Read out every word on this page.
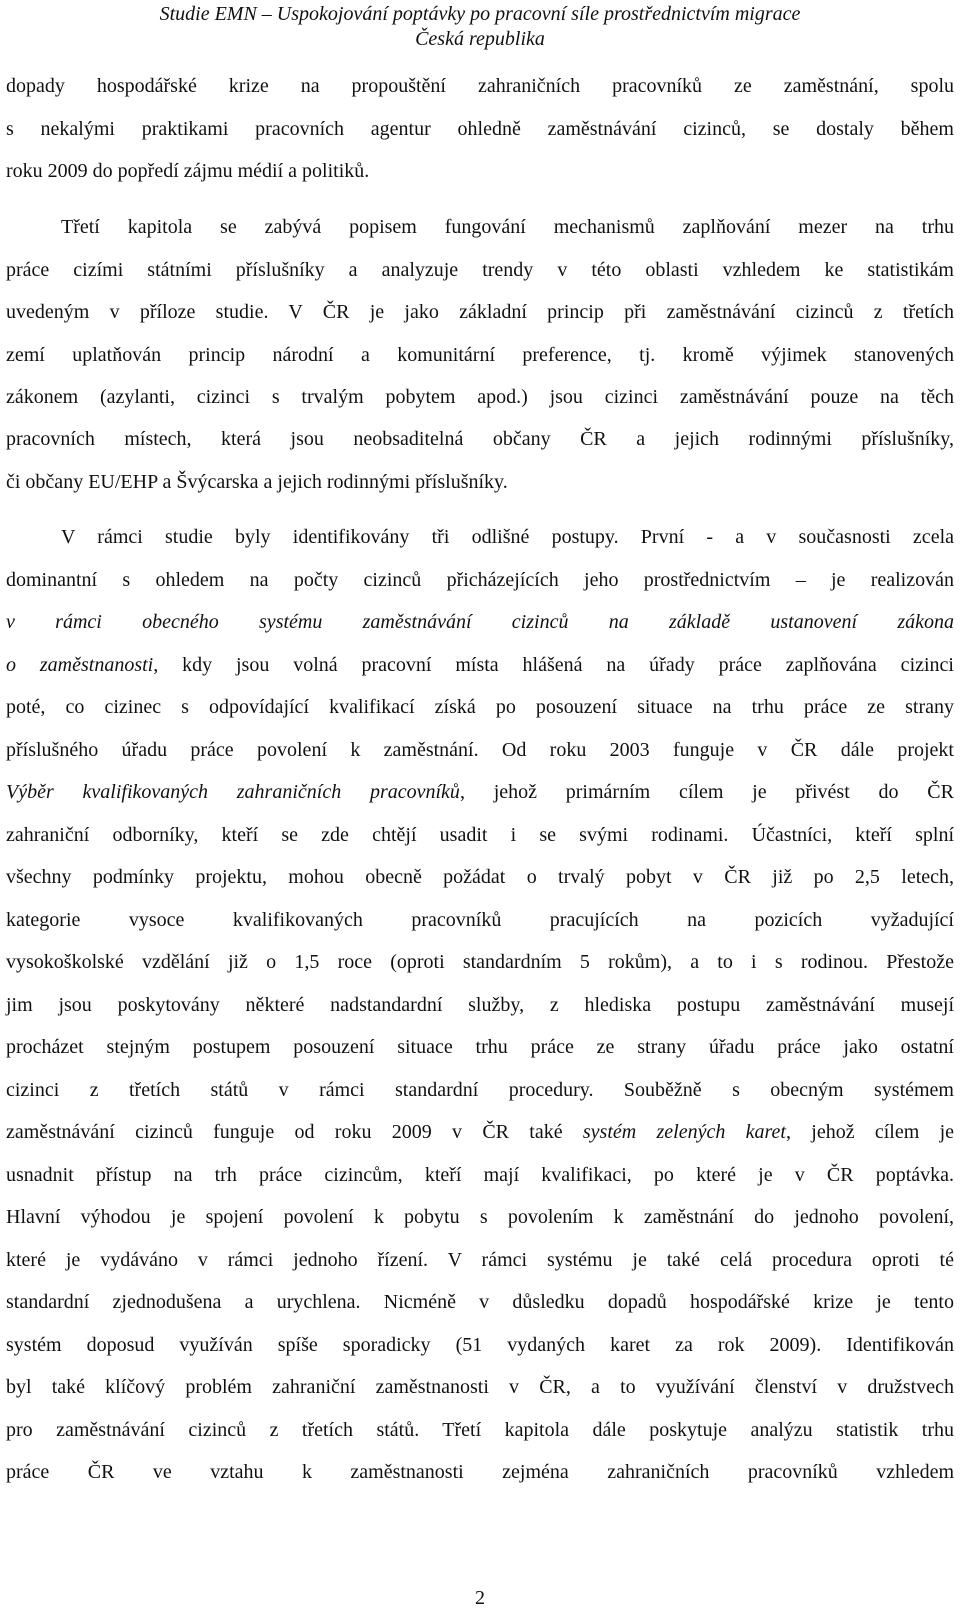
Studie EMN – Uspokojování poptávky po pracovní síle prostřednictvím migrace
Česká republika
dopady hospodářské krize na propouštění zahraničních pracovníků ze zaměstnání, spolu
s nekalými praktikami pracovních agentur ohledně zaměstnávání cizinců, se dostaly během
roku 2009 do popředí zájmu médií a politiků.
Třetí kapitola se zabývá popisem fungování mechanismů zaplňování mezer na trhu
práce cizími státními příslušníky a analyzuje trendy v této oblasti vzhledem ke statistikám
uvedeným v příloze studie. V ČR je jako základní princip při zaměstnávání cizinců z třetích
zemí uplatňován princip národní a komunitární preference, tj. kromě výjimek stanovených
zákonem (azylanti, cizinci s trvalým pobytem apod.) jsou cizinci zaměstnávání pouze na těch
pracovních místech, která jsou neobsaditelná občany ČR a jejich rodinnými příslušníky,
či občany EU/EHP a Švýcarska a jejich rodinnými příslušníky.
V rámci studie byly identifikovány tři odlišné postupy. První - a v současnosti zcela
dominantní s ohledem na počty cizinců přicházejících jeho prostřednictvím – je realizován
v rámci obecného systému zaměstnávání cizinců na základě ustanovení zákona
o zaměstnanosti, kdy jsou volná pracovní místa hlášená na úřady práce zaplňována cizinci
poté, co cizinec s odpovídající kvalifikací získá po posouzení situace na trhu práce ze strany
příslušného úřadu práce povolení k zaměstnání. Od roku 2003 funguje v ČR dále projekt
Výběr kvalifikovaných zahraničních pracovníků, jehož primárním cílem je přivést do ČR
zahraniční odborníky, kteří se zde chtějí usadit i se svými rodinami. Účastníci, kteří splní
všechny podmínky projektu, mohou obecně požádat o trvalý pobyt v ČR již po 2,5 letech,
kategorie vysoce kvalifikovaných pracovníků pracujících na pozicích vyžadující
vysokoškolské vzdělání již o 1,5 roce (oproti standardním 5 rokům), a to i s rodinou. Přestože
jim jsou poskytovány některé nadstandardní služby, z hlediska postupu zaměstnávání musejí
procházet stejným postupem posouzení situace trhu práce ze strany úřadu práce jako ostatní
cizinci z třetích států v rámci standardní procedury. Souběžně s obecným systémem
zaměstnávání cizinců funguje od roku 2009 v ČR také systém zelených karet, jehož cílem je
usnadnit přístup na trh práce cizincům, kteří mají kvalifikaci, po které je v ČR poptávka.
Hlavní výhodou je spojení povolení k pobytu s povolením k zaměstnání do jednoho povolení,
které je vydáváno v rámci jednoho řízení. V rámci systému je také celá procedura oproti té
standardní zjednodušena a urychlena. Nicméně v důsledku dopadů hospodářské krize je tento
systém doposud využíván spíše sporadicky (51 vydaných karet za rok 2009). Identifikován
byl také klíčový problém zahraniční zaměstnanosti v ČR, a to využívání členství v družstvech
pro zaměstnávání cizinců z třetích států. Třetí kapitola dále poskytuje analýzu statistik trhu
práce ČR ve vztahu k zaměstnanosti zejména zahraničních pracovníků vzhledem
2
